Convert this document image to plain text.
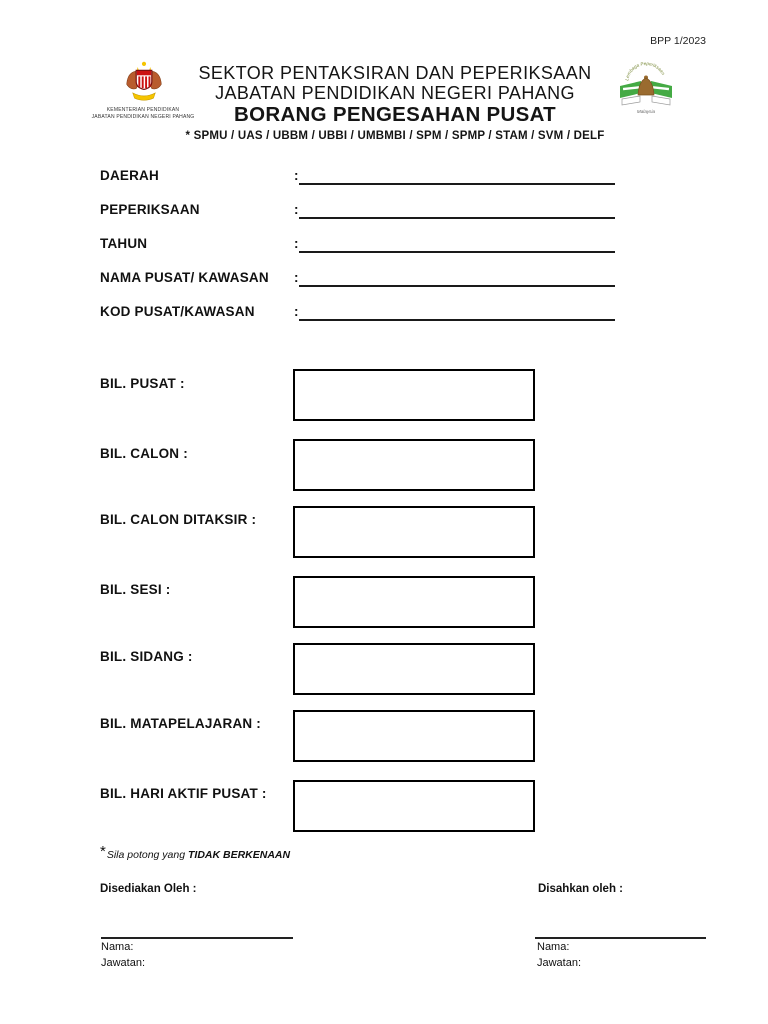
BPP 1/2023
KEMENTERIAN PENDIDIKAN
JABATAN PENDIDIKAN NEGERI PAHANG
Lembaga Peperiksaan
Malaysia
SEKTOR PENTAKSIRAN DAN PEPERIKSAAN
JABATAN PENDIDIKAN NEGERI PAHANG
BORANG PENGESAHAN PUSAT
* SPMU / UAS / UBBM / UBBI / UMBMBI / SPM / SPMP / STAM / SVM / DELF
DAERAH	:
PEPERIKSAAN	:
TAHUN	:
NAMA PUSAT/ KAWASAN :
KOD PUSAT/KAWASAN	:
BIL. PUSAT :
BIL. CALON :
BIL. CALON DITAKSIR :
BIL. SESI :
BIL. SIDANG :
BIL. MATAPELAJARAN :
BIL. HARI AKTIF PUSAT :
*Sila potong yang TIDAK BERKENAAN
Disediakan Oleh :	Disahkan oleh :
Nama:
Jawatan:
Nama:
Jawatan:
